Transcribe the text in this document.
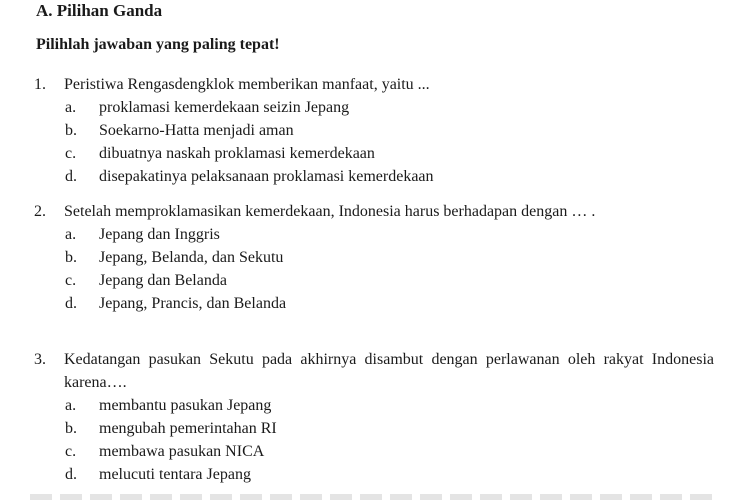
A. Pilihan Ganda
Pilihlah jawaban yang paling tepat!
1. Peristiwa Rengasdengklok memberikan manfaat, yaitu ...
a. proklamasi kemerdekaan seizin Jepang
b. Soekarno-Hatta menjadi aman
c. dibuatnya naskah proklamasi kemerdekaan
d. disepakatinya pelaksanaan proklamasi kemerdekaan
2. Setelah memproklamasikan kemerdekaan, Indonesia harus berhadapan dengan … .
a. Jepang dan Inggris
b. Jepang, Belanda, dan Sekutu
c. Jepang dan Belanda
d. Jepang, Prancis, dan Belanda
3. Kedatangan pasukan Sekutu pada akhirnya disambut dengan perlawanan oleh rakyat Indonesia karena….
a. membantu pasukan Jepang
b. mengubah pemerintahan RI
c. membawa pasukan NICA
d. melucuti tentara Jepang
